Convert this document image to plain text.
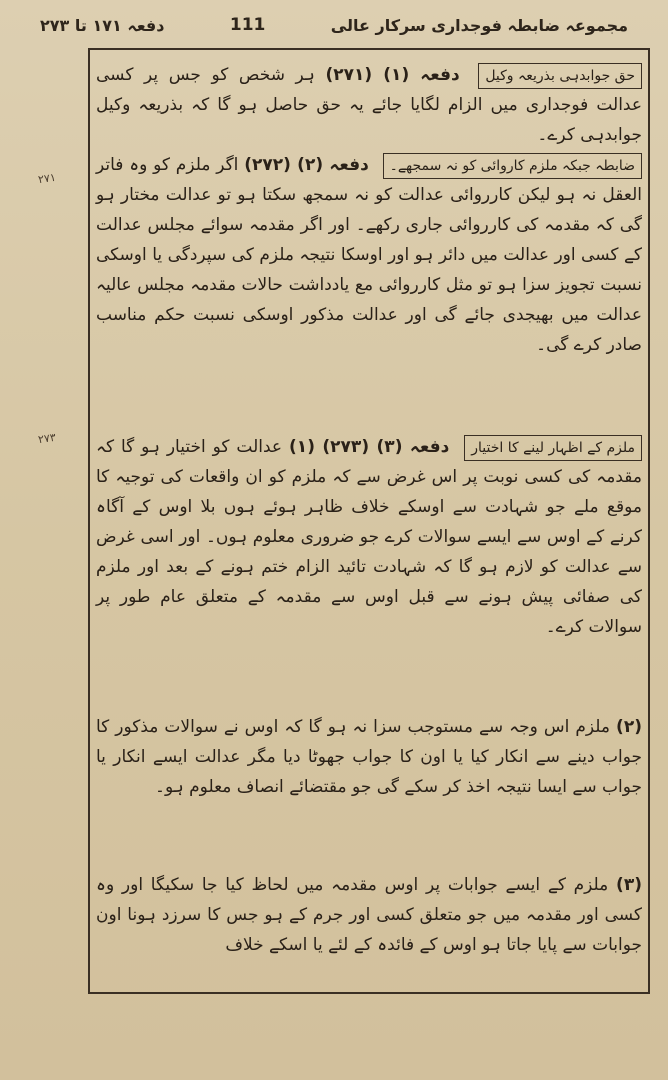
مجموعہ ضابطہ فوجداری سرکار عالی
111
دفعہ ۱۷۱ تا ۲۷۳
۲۷۱
۲۷۳

حق جوابدہی بذریعہ وکیل دفعہ (۱) (۲۷۱) ہر شخص کو جس پر کسی عدالت فوجداری میں الزام لگایا جائے یہ حق حاصل ہو گا کہ بذریعہ وکیل جوابدہی کرے۔

ضابطہ جبکہ ملزم کاروائی کو نہ سمجھے۔ دفعہ (۲) (۲۷۲) اگر ملزم کو وہ فاتر العقل نہ ہو لیکن کارروائی عدالت کو نہ سمجھ سکتا ہو تو عدالت مختار ہو گی کہ مقدمہ کی کارروائی جاری رکھے۔ اور اگر مقدمہ سوائے مجلس عدالت کے کسی اور عدالت میں دائر ہو اور اوسکا نتیجہ ملزم کی سپردگی یا اوسکی نسبت تجویز سزا ہو تو مثل کارروائی مع یادداشت حالات مقدمہ مجلس عالیہ عدالت میں بھیجدی جائے گی اور عدالت مذکور اوسکی نسبت حکم مناسب صادر کرے گی۔

ملزم کے اظہار لینے کا اختیار دفعہ (۳) (۲۷۳) (۱) عدالت کو اختیار ہو گا کہ مقدمہ کی کسی نوبت پر اس غرض سے کہ ملزم کو ان واقعات کی توجیہ کا موقع ملے جو شہادت سے اوسکے خلاف ظاہر ہوئے ہوں بلا اوس کے آگاہ کرنے کے اوس سے ایسے سوالات کرے جو ضروری معلوم ہوں۔ اور اسی غرض سے عدالت کو لازم ہو گا کہ شہادت تائید الزام ختم ہونے کے بعد اور ملزم کی صفائی پیش ہونے سے قبل اوس سے مقدمہ کے متعلق عام طور پر سوالات کرے۔

(۲) ملزم اس وجہ سے مستوجب سزا نہ ہو گا کہ اوس نے سوالات مذکور کا جواب دینے سے انکار کیا یا اون کا جواب جھوٹا دیا مگر عدالت ایسے انکار یا جواب سے ایسا نتیجہ اخذ کر سکے گی جو مقتضائے انصاف معلوم ہو۔

(۳) ملزم کے ایسے جوابات پر اوس مقدمہ میں لحاظ کیا جا سکیگا اور وہ کسی اور مقدمہ میں جو متعلق کسی اور جرم کے ہو جس کا سرزد ہونا اون جوابات سے پایا جاتا ہو اوس کے فائدہ کے لئے یا اسکے خلاف
